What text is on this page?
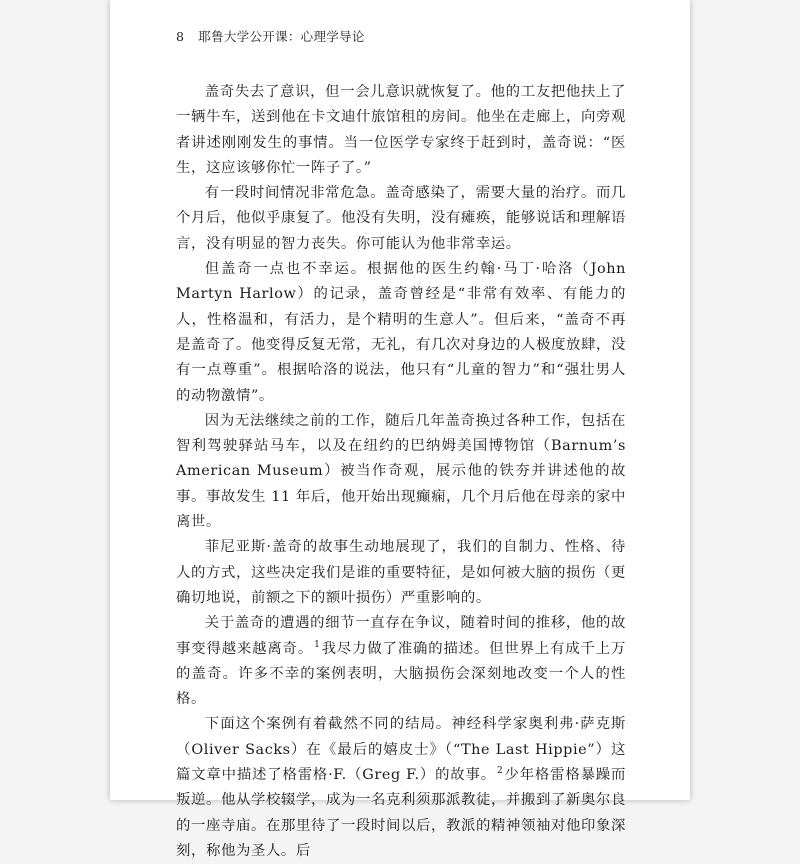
8 耶鲁大学公开课：心理学导论

盖奇失去了意识，但一会儿意识就恢复了。他的工友把他扶上了一辆牛车，送到他在卡文迪什旅馆租的房间。他坐在走廊上，向旁观者讲述刚刚发生的事情。当一位医学专家终于赶到时，盖奇说：“医生，这应该够你忙一阵子了。”

有一段时间情况非常危急。盖奇感染了，需要大量的治疗。而几个月后，他似乎康复了。他没有失明，没有瘫痪，能够说话和理解语言，没有明显的智力丧失。你可能认为他非常幸运。

但盖奇一点也不幸运。根据他的医生约翰·马丁·哈洛（John Martyn Harlow）的记录，盖奇曾经是“非常有效率、有能力的人，性格温和，有活力，是个精明的生意人”。但后来，“盖奇不再是盖奇了。他变得反复无常，无礼，有几次对身边的人极度放肆，没有一点尊重”。根据哈洛的说法，他只有“儿童的智力”和“强壮男人的动物激情”。

因为无法继续之前的工作，随后几年盖奇换过各种工作，包括在智利驾驶驿站马车，以及在纽约的巴纳姆美国博物馆（Barnum’s American Museum）被当作奇观，展示他的铁夯并讲述他的故事。事故发生 11 年后，他开始出现癫痫，几个月后他在母亲的家中离世。

菲尼亚斯·盖奇的故事生动地展现了，我们的自制力、性格、待人的方式，这些决定我们是谁的重要特征，是如何被大脑的损伤（更确切地说，前额之下的额叶损伤）严重影响的。

关于盖奇的遭遇的细节一直存在争议，随着时间的推移，他的故事变得越来越离奇。$^1$我尽力做了准确的描述。但世界上有成千上万的盖奇。许多不幸的案例表明，大脑损伤会深刻地改变一个人的性格。

下面这个案例有着截然不同的结局。神经科学家奥利弗·萨克斯（Oliver Sacks）在《最后的嬉皮士》（“The Last Hippie”）这篇文章中描述了格雷格·F.（Greg F.）的故事。$^2$少年格雷格暴躁而叛逆。他从学校辍学，成为一名克利须那派教徒，并搬到了新奥尔良的一座寺庙。在那里待了一段时间以后，教派的精神领袖对他印象深刻，称他为圣人。后
